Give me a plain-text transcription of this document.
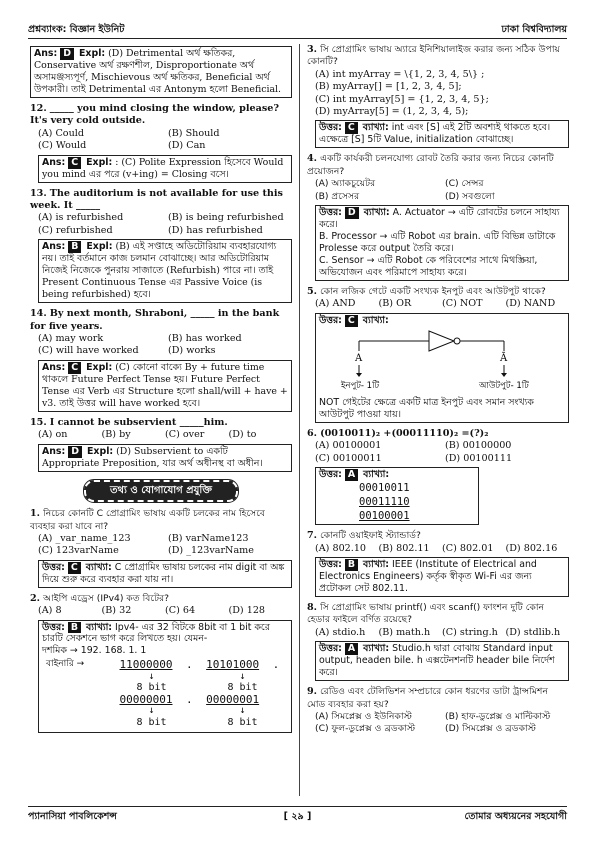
প্রশ্নব্যাংক: বিজ্ঞান ইউনিট	ঢাকা বিশ্ববিদ্যালয়
Ans: D Expl: (D) Detrimental অর্থ ক্ষতিকর, Conservative অর্থ রক্ষণশীল, Disproportionate অর্থ অসামঞ্জস্যপূর্ণ, Mischievous অর্থ ক্ষতিকর, Beneficial অর্থ উপকারী। তাই Detrimental এর Antonym হলো Beneficial.
12. _____ you mind closing the window, please? It's very cold outside.
(A) Could	(B) Should
(C) Would	(D) Can
Ans: C Expl: : (C) Polite Expression হিসেবে Would you mind এর পরে (v+ing) = Closing বসে।
13. The auditorium is not available for use this week. It _____
(A) is refurbished	(B) is being refurbished
(C) refurbished	(D) has refurbished
Ans: B Expl: (B) এই সপ্তাহে অডিটোরিয়াম ব্যবহারযোগ্য নয়। তাই বর্তমানে কাজ চলমান বোঝাচ্ছে। আর অডিটোরিয়াম নিজেই নিজেকে পুনরায় সাজাতে (Refurbish) পারে না। তাই Present Continuous Tense এর Passive Voice (is being refurbished) হবে।
14. By next month, Shraboni, _____ in the bank for five years.
(A) may work	(B) has worked
(C) will have worked	(D) works
Ans: C Expl: (C) কোনো বাক্যে By + future time থাকলে Future Perfect Tense হয়। Future Perfect Tense এর Verb এর Structure হলো shall/will + have + v3. তাই উত্তর will have worked হবে।
15. I cannot be subservient _____him.
(A) on	(B) by	(C) over	(D) to
Ans: D Expl: (D) Subservient to একটি Appropriate Preposition, যার অর্থ অধীনস্থ বা অধীন।
তথ্য ও যোগাযোগ প্রযুক্তি
1. নিচের কোনটি C প্রোগ্রামিং ভাষায় একটি চলকের নাম হিসেবে ব্যবহার করা যাবে না?
(A) _var_name_123	(B) varName123
(C) 123varName	(D) _123varName
উত্তর: C ব্যাখ্যা: C প্রোগ্রামিং ভাষায় চলকের নাম digit বা অঙ্ক দিয়ে শুরু করে ব্যবহার করা যায় না।
2. আইপি এড্রেস (IPv4) কত বিটের?
(A) 8	(B) 32	(C) 64	(D) 128
উত্তর: B ব্যাখ্যা: Ipv4- এর 32 বিটকে 8bit বা 1 bit করে চারটি সেকশনে ভাগ করে লিখতে হয়। যেমন-
দশমিক → 192. 168. 1. 1
বাইনারি →	11000000	.	10101000	.
↓	↓
8 bit	8 bit
00000001	.	00000001
↓	↓
8 bit	8 bit
3. সি প্রোগ্রামিং ভাষায় অ্যারে ইনিশিয়ালাইজ করার জন্য সঠিক উপায় কোনটি?
(A) int myArray = \{1, 2, 3, 4, 5\} ;
(B) myArray[] = [1, 2, 3, 4, 5];
(C) int myArray[5] = {1, 2, 3, 4, 5};
(D) myArray[5] = (1, 2, 3, 4, 5);
উত্তর: C ব্যাখ্যা: int এবং [S] এই 2টি অবশ্যই থাকতে হবে। এক্ষেত্রে [S] 5টি Value, initialization বোঝাচ্ছে।
4. একটি কার্যকরী চলনযোগ্য রোবট তৈরি করার জন্য নিচের কোনটি প্রয়োজন?
(A) অ্যাকচুয়েটর	(C) সেন্সর
(B) প্রসেসর	(D) সবগুলো
উত্তর: D ব্যাখ্যা: A. Actuator → এটি রোবটের চলনে সাহায্য করে।
B. Processor → এটি Robot এর brain. এটি বিভিন্ন ডাটাকে Prolesse করে output তৈরি করে।
C. Sensor → এটি Robot কে পরিবেশের সাথে মিথস্ক্রিয়া, অভিযোজন এবং পরিমাপে সাহায্য করে।
5. কোন লজিক গেটে একটি সংখ্যক ইনপুট এবং আউটপুট থাকে?
(A) AND	(B) OR	(C) NOT	(D) NAND
উত্তর: C ব্যাখ্যা:
A	Ā
ইনপুট- 1টি	আউটপুট- 1টি
NOT গেইটের ক্ষেত্রে একটি মাত্র ইনপুট এবং সমান সংখ্যক আউটপুট পাওয়া যায়।
6. (0010011)₂ +(00011110)₂ =(?)₂
(A) 00100001	(B) 00100000
(C) 00100011	(D) 00100111
উত্তর: A ব্যাখ্যা:
00010011
00011110
00100001
7. কোনটি ওয়াইফাই স্ট্যান্ডার্ড?
(A) 802.10	(B) 802.11	(C) 802.01	(D) 802.16
উত্তর: B ব্যাখ্যা: IEEE (Institute of Electrical and Electronics Engineers) কর্তৃক স্বীকৃত Wi-Fi এর জন্য প্রটোকল সেট 802.11.
8. সি প্রোগ্রামিং ভাষায় printf() এবং scanf() ফাংশন দুটি কোন হেডার ফাইলে বর্ণিত রয়েছে?
(A) stdio.h	(B) math.h	(C) string.h (D) stdlib.h
উত্তর: A ব্যাখ্যা: Studio.h দ্বারা বোঝায় Standard input output, headen bile. h এক্সটেনশনটি header bile নির্দেশ করে।
9. রেডিও এবং টেলিভিশন সম্প্রচারে কোন ধরণের ডাটা ট্রান্সমিশন মোড ব্যবহার করা হয়?
(A) সিমপ্লেক্স ও ইউনিকাস্ট	(B) হাফ-ডুপ্লেক্স ও মাল্টিকাস্ট
(C) ফুল-ডুপ্লেক্স ও ব্রডকাস্ট	(D) সিমপ্লেক্স ও ব্রডকাস্ট
প্যানাসিয়া পাবলিকেশন্স	[ ২৯ ]	তোমার অধ্যয়নের সহযোগী
